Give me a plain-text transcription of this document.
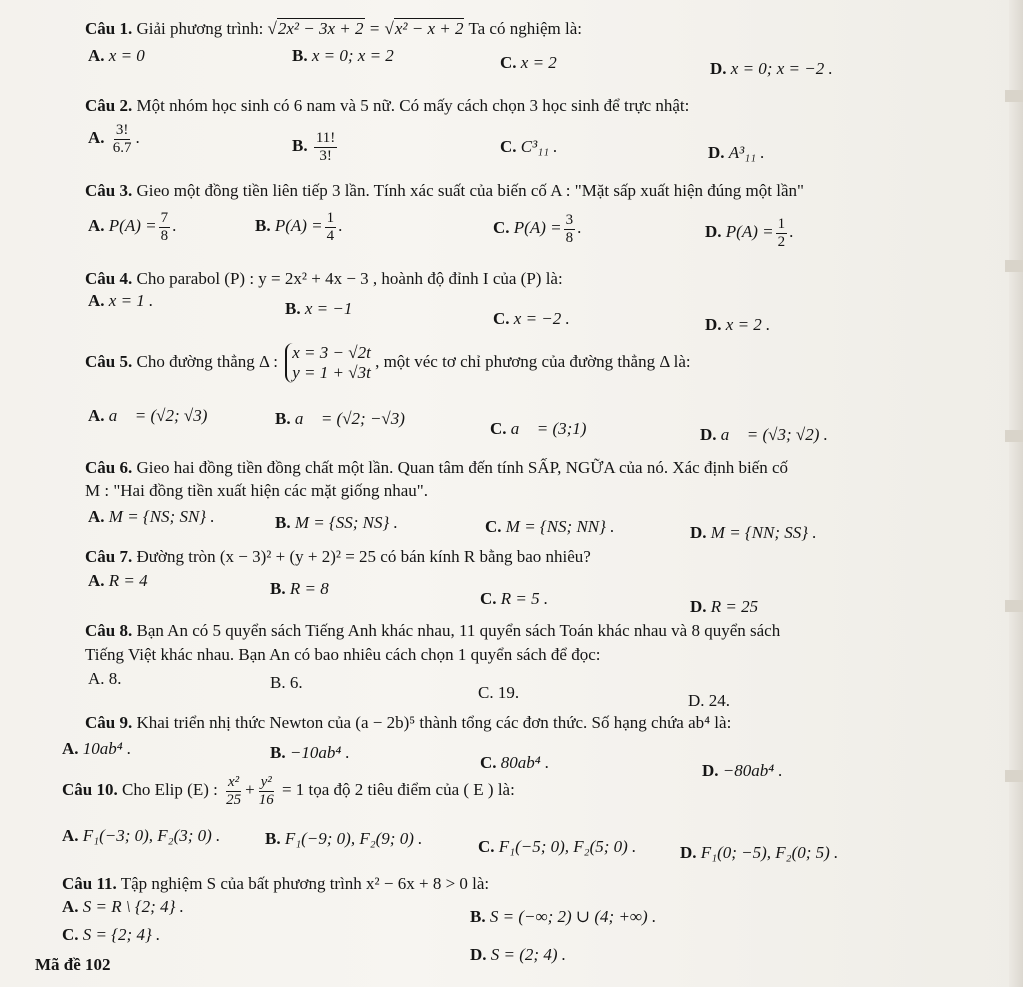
Câu 1. Giải phương trình: √2x² − 3x + 2 = √x² − x + 2 Ta có nghiệm là:
A. x = 0	B. x = 0; x = 2	C. x = 2	D. x = 0; x = −2 .
Câu 2. Một nhóm học sinh có 6 nam và 5 nữ. Có mấy cách chọn 3 học sinh để trực nhật:
A. $\frac{3!}{6.7}$ .	B. $\frac{11!}{3!}$	C. C³₁₁ .	D. A³₁₁ .
Câu 3. Gieo một đồng tiền liên tiếp 3 lần. Tính xác suất của biến cố A : "Mặt sấp xuất hiện đúng một lần"
A. $P(A) = \frac{7}{8}$ .	B. $P(A) = \frac{1}{4}$ .	C. $P(A) = \frac{3}{8}$ .	D. $P(A) = \frac{1}{2}$ .
Câu 4. Cho parabol (P) : y = 2x² + 4x − 3 , hoành độ đỉnh I của (P) là:
A. x = 1 .	B. x = −1
C. x = −2 .	D. x = 2 .
Câu 5. Cho đường thẳng Δ : x = 3 − √2t
y = 1 + √3t
, một véc tơ chỉ phương của đường thẳng Δ là:
A. a⃗ = (√2; √3)	B. a⃗ = (√2; −√3)
C. a⃗ = (3;1)	D. a⃗ = (√3; √2) .
Câu 6. Gieo hai đồng tiền đồng chất một lần. Quan tâm đến tính SẤP, NGỮA của nó. Xác định biến cố
M : "Hai đồng tiền xuất hiện các mặt giống nhau".
A. M = {NS; SN} .	B. M = {SS; NS} .	C. M = {NS; NN} .	D. M = {NN; SS} .
Câu 7. Đường tròn (x − 3)² + (y + 2)² = 25 có bán kính R bằng bao nhiêu?
A. R = 4	B. R = 8
C. R = 5 .	D. R = 25
Câu 8. Bạn An có 5 quyển sách Tiếng Anh khác nhau, 11 quyển sách Toán khác nhau và 8 quyển sách
Tiếng Việt khác nhau. Bạn An có bao nhiêu cách chọn 1 quyển sách để đọc:
A. 8.	B. 6.
C. 19.	D. 24.
Câu 9. Khai triển nhị thức Newton của (a − 2b)⁵ thành tổng các đơn thức. Số hạng chứa ab⁴ là:
A. 10ab⁴ .	B. −10ab⁴ .
C. 80ab⁴ .	D. −80ab⁴ .
Câu 10. Cho Elip (E) : $\frac{\text{x²}}{25} + \frac{\text{y²}}{16} = 1$ tọa độ 2 tiêu điểm của ( E ) là:
A. F₁(−3; 0), F₂(3; 0) .	B. F₁(−9; 0), F₂(9; 0) .	C. F₁(−5; 0), F₂(5; 0) .	D. F₁(0; −5), F₂(0; 5) .
Câu 11. Tập nghiệm S của bất phương trình x² − 6x + 8 > 0 là:
A. S = R \ {2; 4} .
B. S = (−∞; 2) ∪ (4; +∞) .
C. S = {2; 4} .
D. S = (2; 4) .
Mã đề 102
